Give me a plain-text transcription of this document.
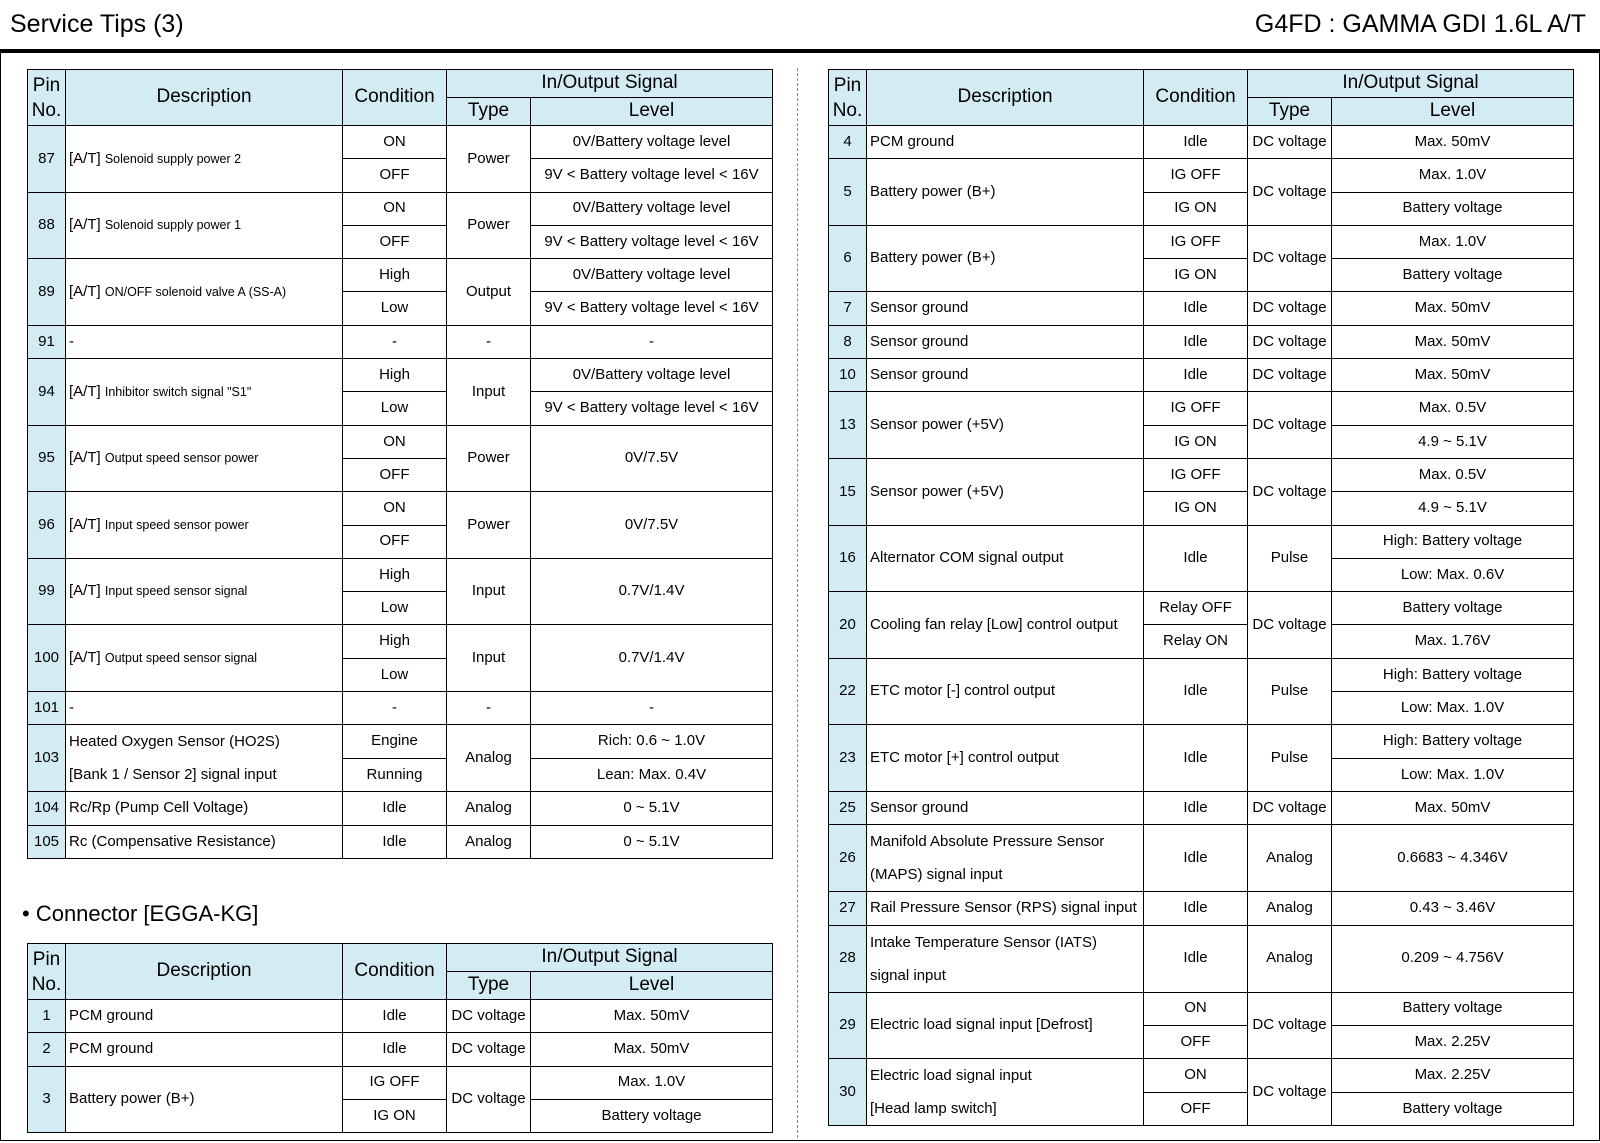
Service Tips (3)	G4FD : GAMMA GDI 1.6L A/T
Pin
No.	Description	Condition	In/Output Signal	
			Type	Level
87	[A/T] Solenoid supply power 2	ON	Power	0V/Battery voltage level
		OFF		9V < Battery voltage level < 16V
88	[A/T] Solenoid supply power 1	ON	Power	0V/Battery voltage level
		OFF		9V < Battery voltage level < 16V
89	[A/T] ON/OFF solenoid valve A (SS-A)	High	Output	0V/Battery voltage level
		Low		9V < Battery voltage level < 16V
91	-	-	-	-
94	[A/T] Inhibitor switch signal "S1"	High	Input	0V/Battery voltage level
		Low		9V < Battery voltage level < 16V
95	[A/T] Output speed sensor power	ON	Power	0V/7.5V
		OFF		
96	[A/T] Input speed sensor power	ON	Power	0V/7.5V
		OFF		
99	[A/T] Input speed sensor signal	High	Input	0.7V/1.4V
		Low		
100	[A/T] Output speed sensor signal	High	Input	0.7V/1.4V
		Low		
101	-	-	-	-
103	Heated Oxygen Sensor (HO2S)
[Bank 1 / Sensor 2] signal input	Engine	Analog	Rich: 0.6 ~ 1.0V
		Running		Lean: Max. 0.4V
104	Rc/Rp (Pump Cell Voltage)	Idle	Analog	0 ~ 5.1V
105	Rc (Compensative Resistance)	Idle	Analog	0 ~ 5.1V
• Connector [EGGA-KG]
Pin
No.	Description	Condition	In/Output Signal	
			Type	Level
1	PCM ground	Idle	DC voltage	Max. 50mV
2	PCM ground	Idle	DC voltage	Max. 50mV
3	Battery power (B+)	IG OFF	DC voltage	Max. 1.0V
		IG ON		Battery voltage
Pin
No.	Description	Condition	In/Output Signal	
			Type	Level
4	PCM ground	Idle	DC voltage	Max. 50mV
5	Battery power (B+)	IG OFF	DC voltage	Max. 1.0V
		IG ON		Battery voltage
6	Battery power (B+)	IG OFF	DC voltage	Max. 1.0V
		IG ON		Battery voltage
7	Sensor ground	Idle	DC voltage	Max. 50mV
8	Sensor ground	Idle	DC voltage	Max. 50mV
10	Sensor ground	Idle	DC voltage	Max. 50mV
13	Sensor power (+5V)	IG OFF	DC voltage	Max. 0.5V
		IG ON		4.9 ~ 5.1V
15	Sensor power (+5V)	IG OFF	DC voltage	Max. 0.5V
		IG ON		4.9 ~ 5.1V
16	Alternator COM signal output	Idle	Pulse	High: Battery voltage
				Low: Max. 0.6V
20	Cooling fan relay [Low] control output	Relay OFF	DC voltage	Battery voltage
		Relay ON		Max. 1.76V
22	ETC motor [-] control output	Idle	Pulse	High: Battery voltage
				Low: Max. 1.0V
23	ETC motor [+] control output	Idle	Pulse	High: Battery voltage
				Low: Max. 1.0V
25	Sensor ground	Idle	DC voltage	Max. 50mV
26	Manifold Absolute Pressure Sensor
(MAPS) signal input	Idle	Analog	0.6683 ~ 4.346V

27	Rail Pressure Sensor (RPS) signal input	Idle	Analog	0.43 ~ 3.46V
28	Intake Temperature Sensor (IATS)
signal input	Idle	Analog	0.209 ~ 4.756V

29	Electric load signal input [Defrost]	ON	DC voltage	Battery voltage
		OFF		Max. 2.25V
30	Electric load signal input
[Head lamp switch]	ON	DC voltage	Max. 2.25V
		OFF		Battery voltage
